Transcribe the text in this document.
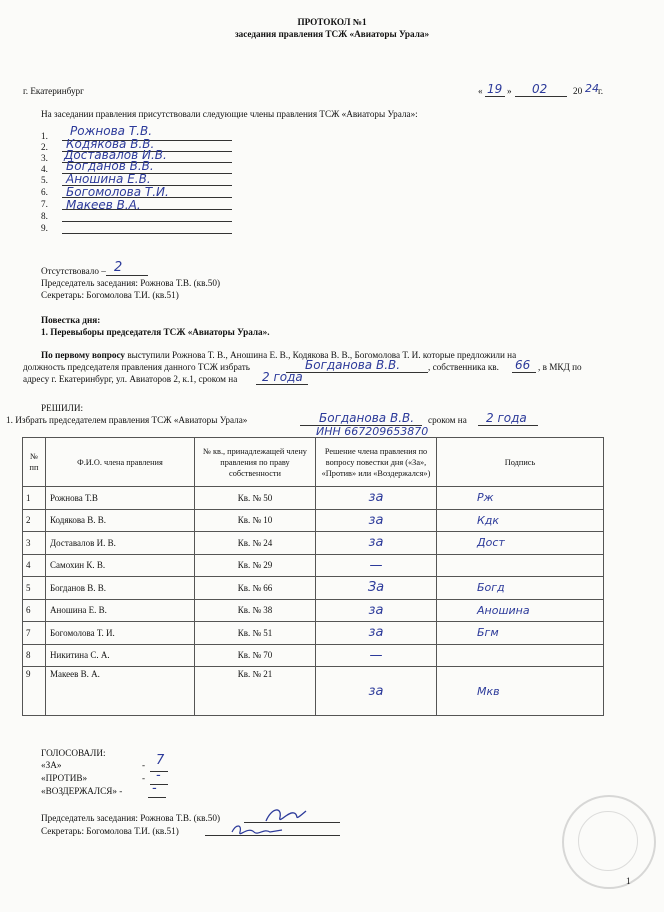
ПРОТОКОЛ №1
заседания правления ТСЖ «Авиаторы Урала»
г. Екатеринбург	« 19 » 02	20 24 г.
На заседании правления присутствовали следующие члены правления ТСЖ «Авиаторы Урала»:
1. Рожнова Т.В.
2. Кодякова В.В.
3. Доставалов И.В.
4. Богданов В.В.
5. Аношина Е.В.
6. Богомолова Т.И.
7. Макеев В.А.
8.
9.
Отсутствовало – 2
Председатель заседания: Рожнова Т.В. (кв.50)
Секретарь: Богомолова Т.И. (кв.51)
Повестка дня:
1. Перевыборы председателя ТСЖ «Авиаторы Урала».
По первому вопросу выступили Рожнова Т. В., Аношина Е. В., Кодякова В. В., Богомолова Т. И. которые предложили на
должность председателя правления данного ТСЖ избрать	Богданова В.В.	, собственника кв. 66 , в МКД по
адресу г. Екатеринбург, ул. Авиаторов 2, к.1, сроком на 2 года
РЕШИЛИ:
1. Избрать председателем правления ТСЖ «Авиаторы Урала»	Богданова В.В.
ИНН 667209653870
сроком на 2 года
№ пп	Ф.И.О. члена правления	№ кв., принадлежащей члену правления по праву собственности	Решение члена правления по вопросу повестки дня («За», «Против» или «Воздержался»)	Подпись
1	Рожнова Т.В	Кв. № 50	за	Рж
2	Кодякова В. В.	Кв. № 10	за	Кдк
3	Доставалов И. В.	Кв. № 24	за	Дост
4	Самохин К. В.	Кв. № 29	—	
5	Богданов В. В.	Кв. № 66	За	Богд
6	Аношина Е. В.	Кв. № 38	за	Аношина
7	Богомолова Т. И.	Кв. № 51	за	Бгм
8	Никитина С. А.	Кв. № 70	—	
9	Макеев В. А.	Кв. № 21	за	Мкв
ГОЛОСОВАЛИ:
«ЗА»	- 7
«ПРОТИВ»	- -
«ВОЗДЕРЖАЛСЯ» - -
Председатель заседания: Рожнова Т.В. (кв.50)
Секретарь: Богомолова Т.И. (кв.51)
1
